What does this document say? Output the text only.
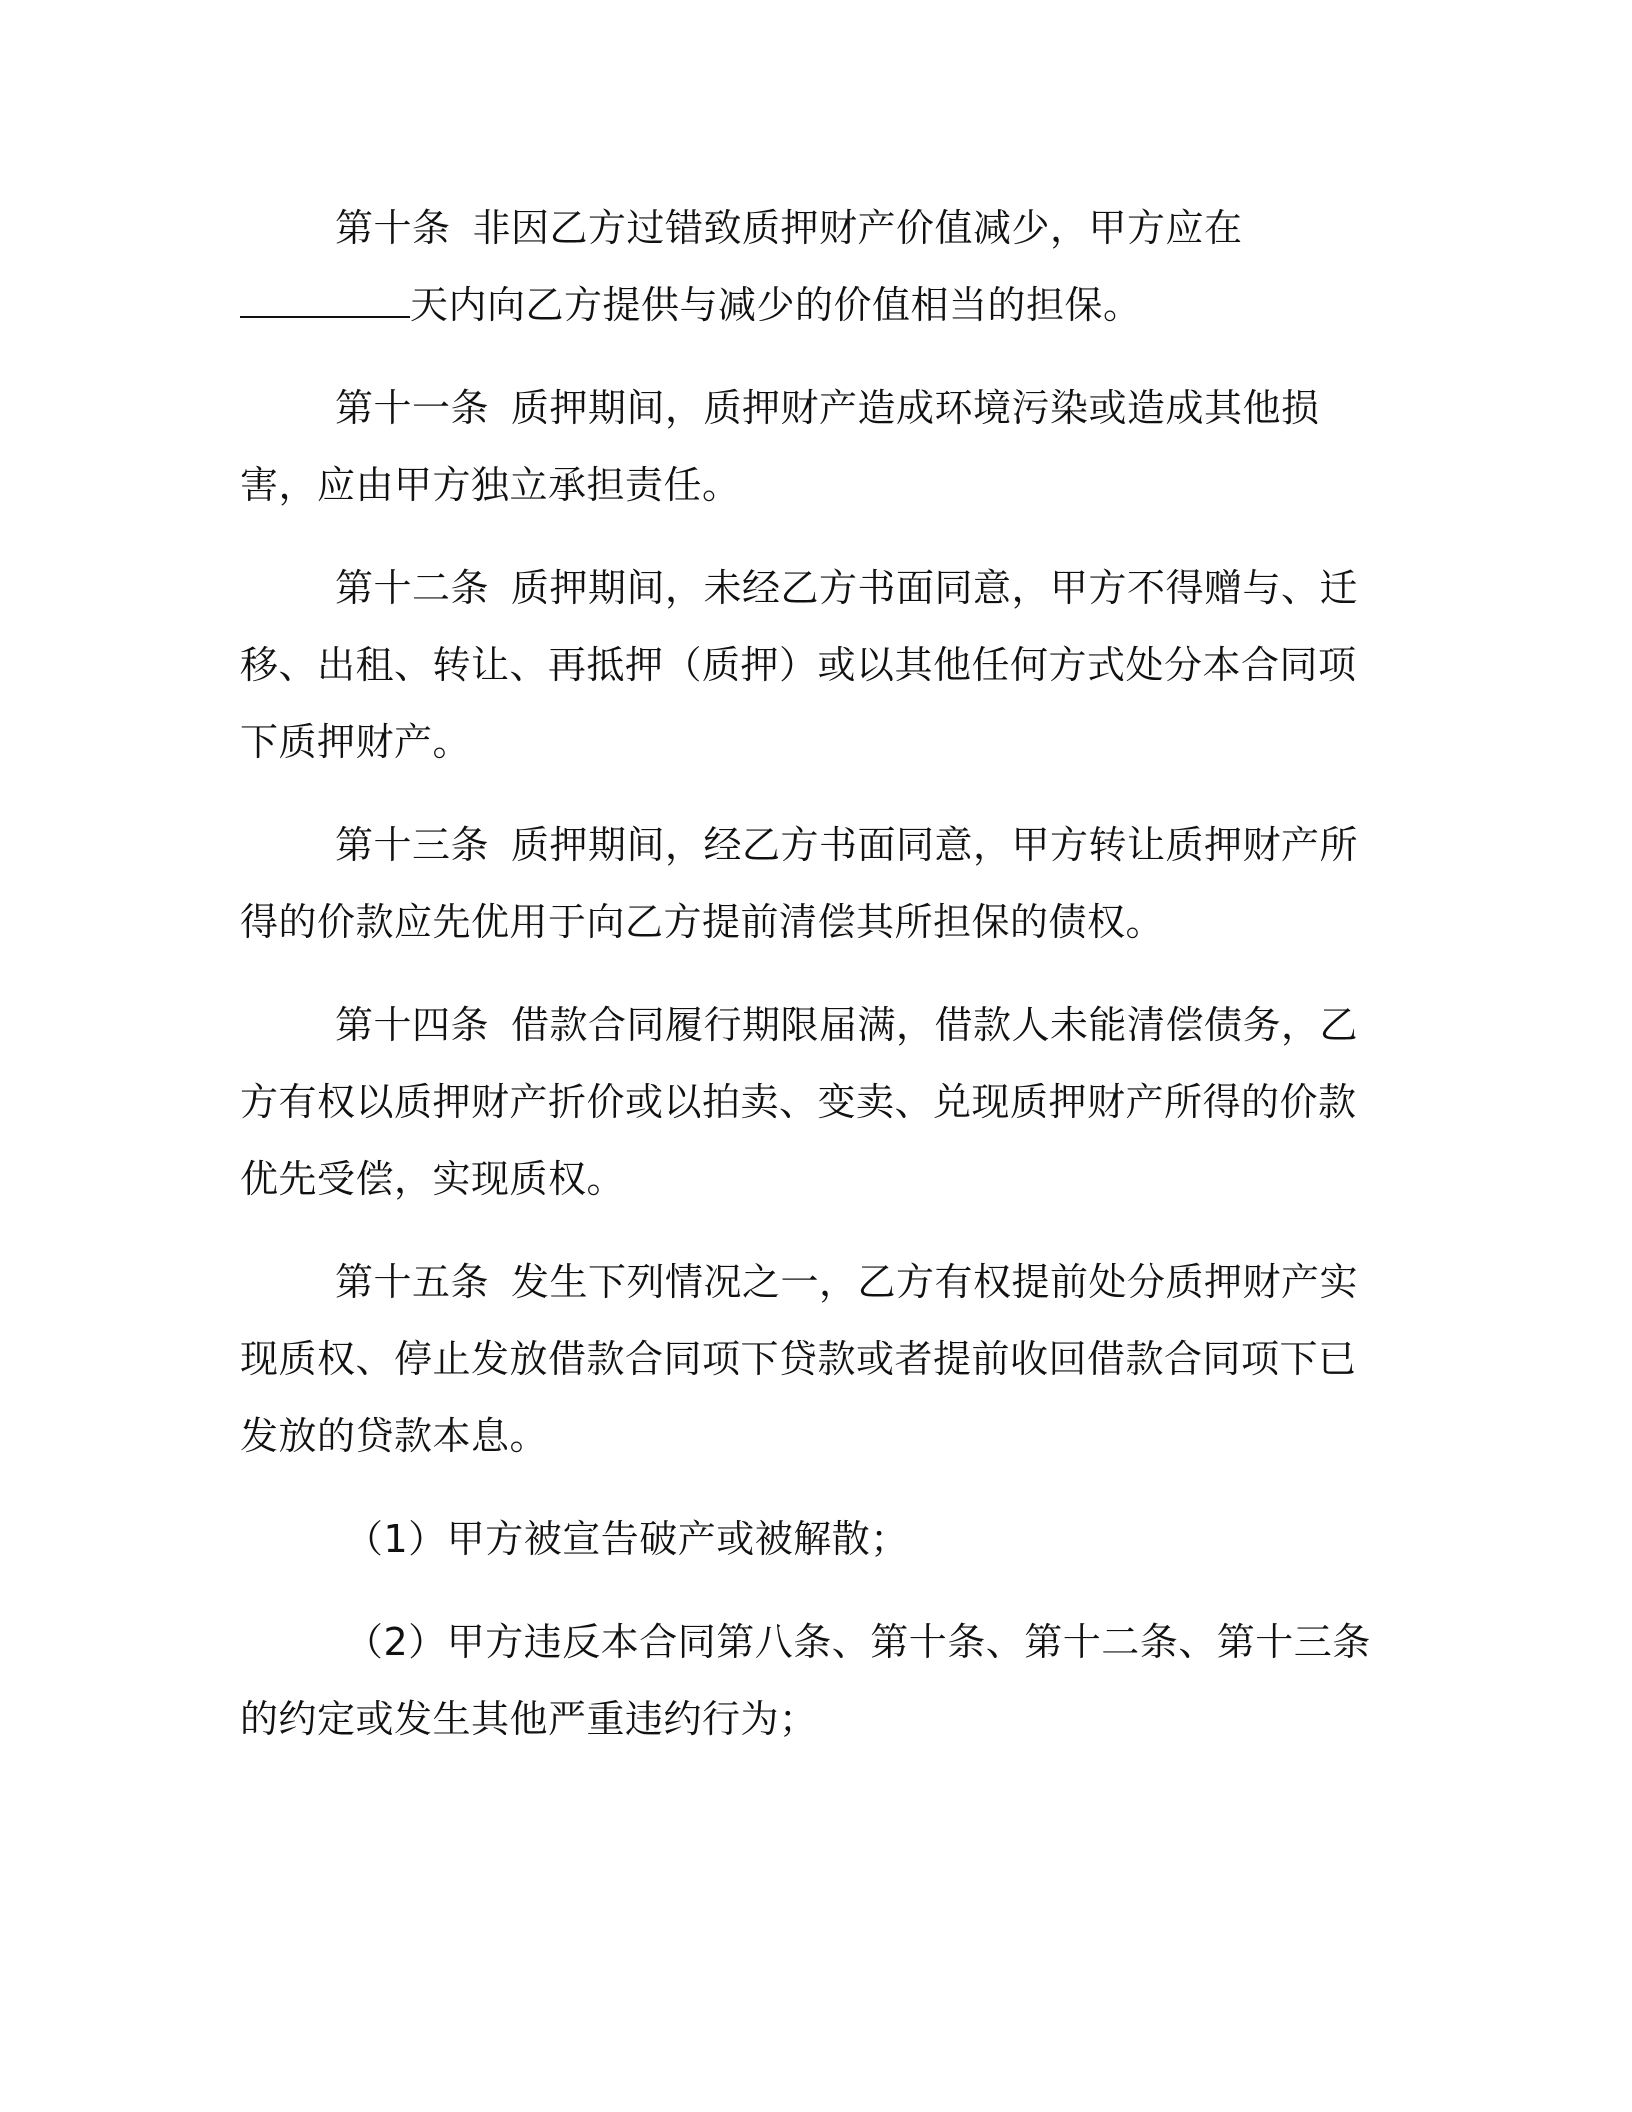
第十条 非因乙方过错致质押财产价值减少，甲方应在天内向乙方提供与减少的价值相当的担保。

第十一条 质押期间，质押财产造成环境污染或造成其他损害，应由甲方独立承担责任。

第十二条 质押期间，未经乙方书面同意，甲方不得赠与、迁移、出租、转让、再抵押（质押）或以其他任何方式处分本合同项下质押财产。

第十三条 质押期间，经乙方书面同意，甲方转让质押财产所得的价款应先优用于向乙方提前清偿其所担保的债权。

第十四条 借款合同履行期限届满，借款人未能清偿债务，乙方有权以质押财产折价或以拍卖、变卖、兑现质押财产所得的价款优先受偿，实现质权。

第十五条 发生下列情况之一，乙方有权提前处分质押财产实现质权、停止发放借款合同项下贷款或者提前收回借款合同项下已发放的贷款本息。

（1）甲方被宣告破产或被解散；

（2）甲方违反本合同第八条、第十条、第十二条、第十三条的约定或发生其他严重违约行为；
